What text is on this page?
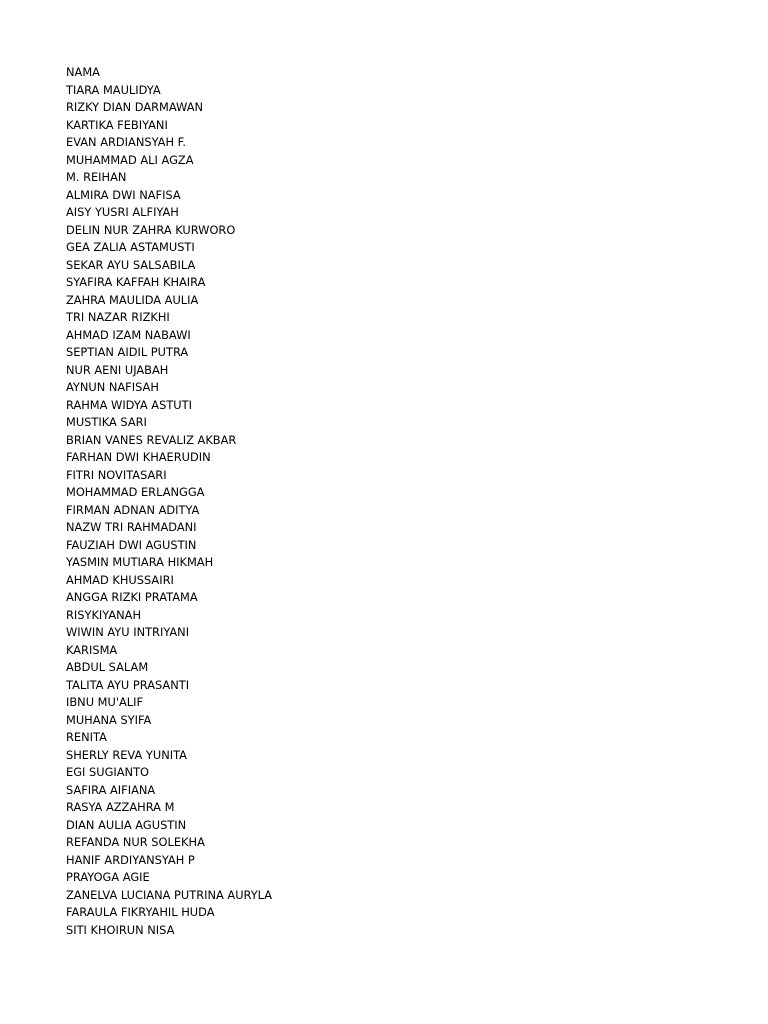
NAMA
TIARA MAULIDYA
RIZKY DIAN DARMAWAN
KARTIKA FEBIYANI
EVAN ARDIANSYAH F.
MUHAMMAD ALI AGZA
M. REIHAN
ALMIRA DWI NAFISA
AISY YUSRI ALFIYAH
DELIN NUR ZAHRA KURWORO
GEA ZALIA ASTAMUSTI
SEKAR AYU SALSABILA
SYAFIRA KAFFAH KHAIRA
ZAHRA MAULIDA AULIA
TRI NAZAR RIZKHI
AHMAD IZAM NABAWI
SEPTIAN AIDIL PUTRA
NUR AENI UJABAH
AYNUN NAFISAH
RAHMA WIDYA ASTUTI
MUSTIKA SARI
BRIAN VANES REVALIZ AKBAR
FARHAN DWI KHAERUDIN
FITRI NOVITASARI
MOHAMMAD ERLANGGA
FIRMAN ADNAN ADITYA
NAZW TRI RAHMADANI
FAUZIAH DWI AGUSTIN
YASMIN MUTIARA HIKMAH
AHMAD KHUSSAIRI
ANGGA RIZKI PRATAMA
RISYKIYANAH
WIWIN AYU INTRIYANI
KARISMA
ABDUL SALAM
TALITA AYU PRASANTI
IBNU MU'ALIF
MUHANA SYIFA
RENITA
SHERLY REVA YUNITA
EGI SUGIANTO
SAFIRA AIFIANA
RASYA AZZAHRA M
DIAN AULIA AGUSTIN
REFANDA NUR SOLEKHA
HANIF ARDIYANSYAH P
PRAYOGA AGIE
ZANELVA LUCIANA PUTRINA AURYLA
FARAULA FIKRYAHIL HUDA
SITI KHOIRUN NISA
